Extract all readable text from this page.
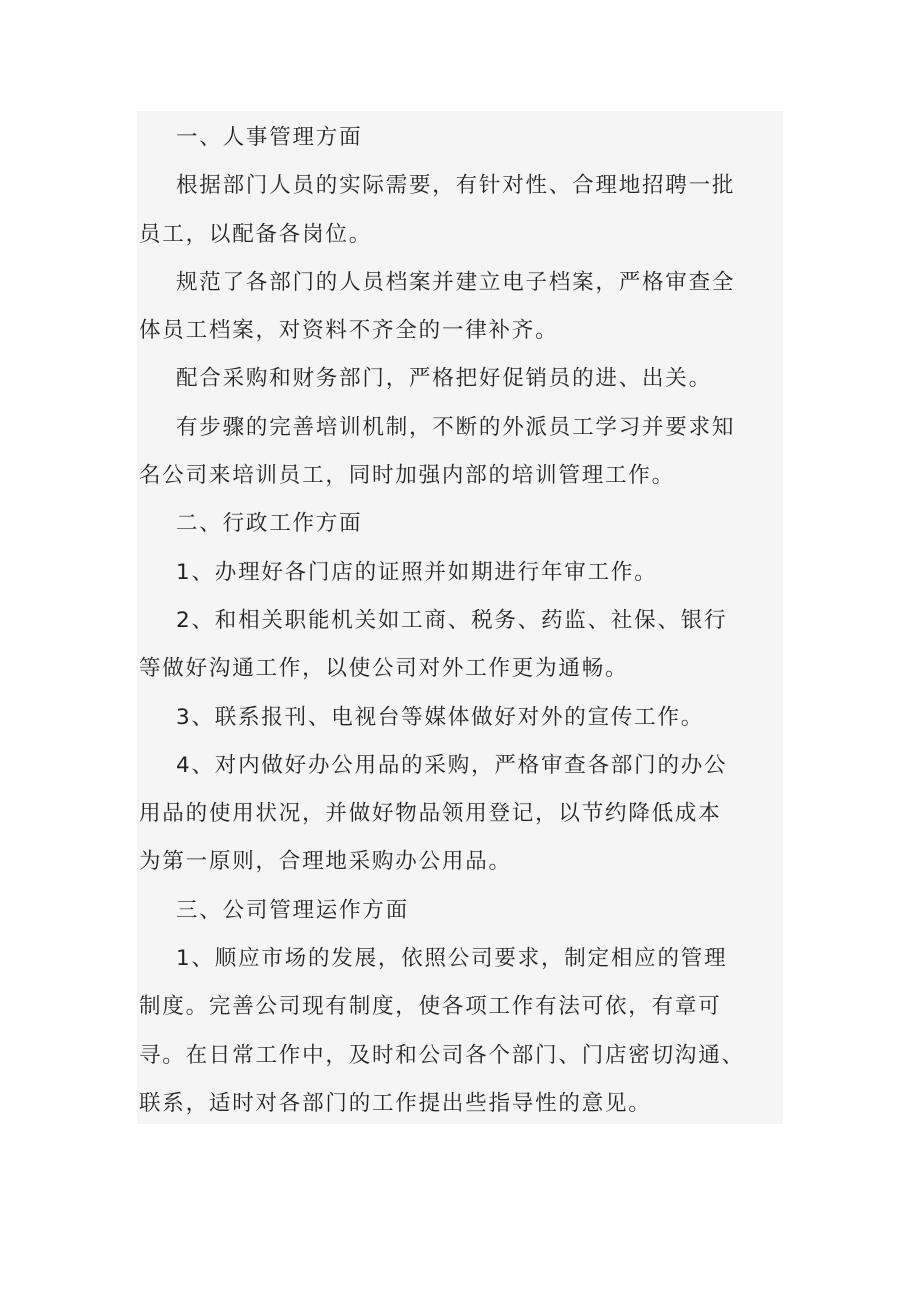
一、人事管理方面
根据部门人员的实际需要，有针对性、合理地招聘一批
员工，以配备各岗位。
规范了各部门的人员档案并建立电子档案，严格审查全
体员工档案，对资料不齐全的一律补齐。
配合采购和财务部门，严格把好促销员的进、出关。
有步骤的完善培训机制，不断的外派员工学习并要求知
名公司来培训员工，同时加强内部的培训管理工作。
二、行政工作方面
1、办理好各门店的证照并如期进行年审工作。
2、和相关职能机关如工商、税务、药监、社保、银行
等做好沟通工作，以使公司对外工作更为通畅。
3、联系报刊、电视台等媒体做好对外的宣传工作。
4、对内做好办公用品的采购，严格审查各部门的办公
用品的使用状况，并做好物品领用登记，以节约降低成本
为第一原则，合理地采购办公用品。
三、公司管理运作方面
1、顺应市场的发展，依照公司要求，制定相应的管理
制度。完善公司现有制度，使各项工作有法可依，有章可
寻。在日常工作中，及时和公司各个部门、门店密切沟通、
联系，适时对各部门的工作提出些指导性的意见。
